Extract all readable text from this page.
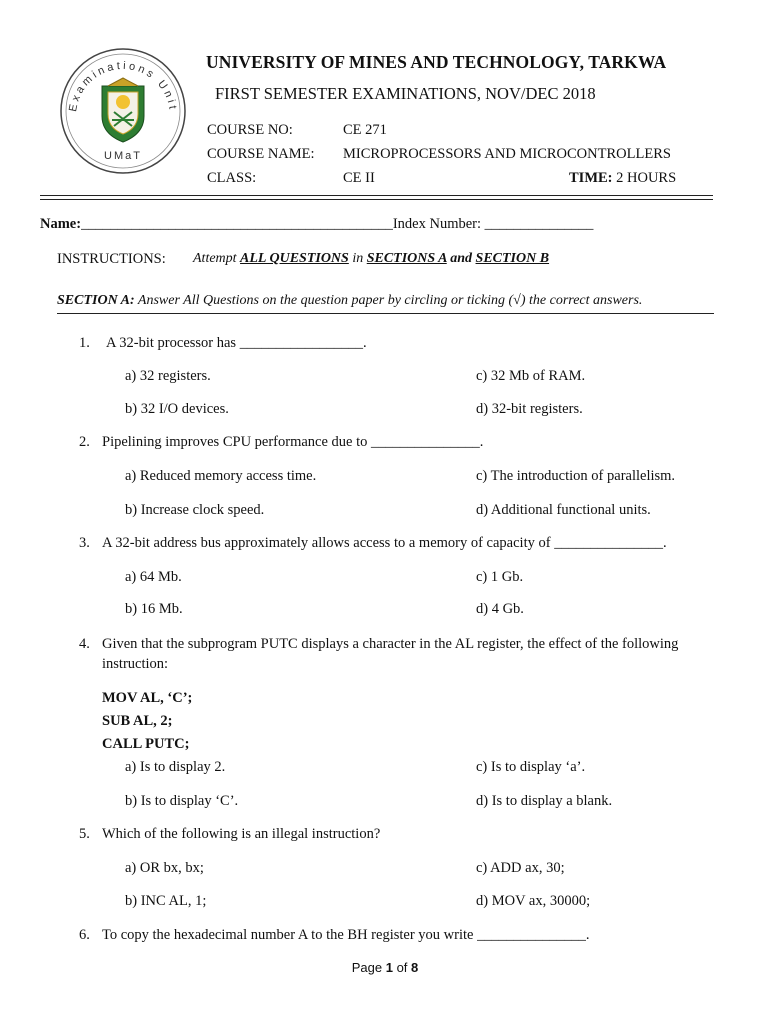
Examinations Unit
UMaT
UNIVERSITY OF MINES AND TECHNOLOGY, TARKWA
FIRST SEMESTER EXAMINATIONS, NOV/DEC 2018
COURSE NO:	CE 271
COURSE NAME: MICROPROCESSORS AND MICROCONTROLLERS
CLASS:	CE II	TIME: 2 HOURS
Name:___________________________________________Index Number: _______________
INSTRUCTIONS: Attempt ALL QUESTIONS in SECTIONS A and SECTION B
SECTION A: Answer All Questions on the question paper by circling or ticking (√) the correct answers.
1. A 32-bit processor has _________________.
a) 32 registers.	c) 32 Mb of RAM.
b) 32 I/O devices.	d) 32-bit registers.
2. Pipelining improves CPU performance due to _______________.
a) Reduced memory access time.	c) The introduction of parallelism.
b) Increase clock speed.	d) Additional functional units.
3. A 32-bit address bus approximately allows access to a memory of capacity of _______________.
a) 64 Mb.	c) 1 Gb.
b) 16 Mb.	d) 4 Gb.
4. Given that the subprogram PUTC displays a character in the AL register, the effect of the following
instruction:
MOV AL, ‘C’;
SUB AL, 2;
CALL PUTC;
a) Is to display 2.	c) Is to display ‘a’.
b) Is to display ‘C’.	d) Is to display a blank.
5. Which of the following is an illegal instruction?
a) OR bx, bx;	c) ADD ax, 30;
b) INC AL, 1;	d) MOV ax, 30000;
6. To copy the hexadecimal number A to the BH register you write _______________.
Page 1 of 8
